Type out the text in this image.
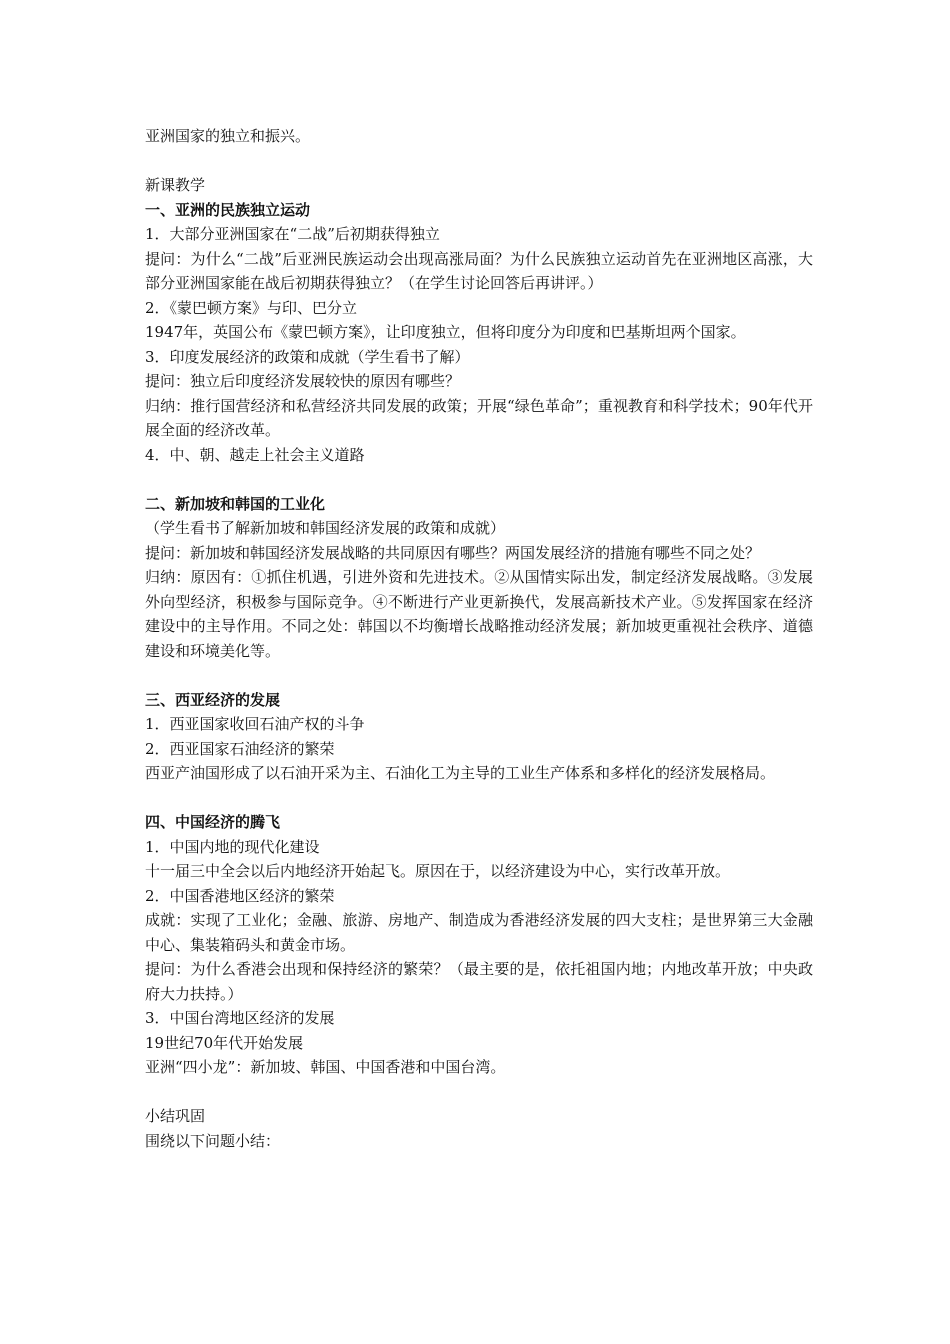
亚洲国家的独立和振兴。
新课教学
一、亚洲的民族独立运动
1．大部分亚洲国家在“二战”后初期获得独立
提问：为什么“二战”后亚洲民族运动会出现高涨局面？为什么民族独立运动首先在亚洲地区高涨，大部分亚洲国家能在战后初期获得独立？（在学生讨论回答后再讲评。）
2．《蒙巴顿方案》与印、巴分立
1947年，英国公布《蒙巴顿方案》，让印度独立，但将印度分为印度和巴基斯坦两个国家。
3．印度发展经济的政策和成就（学生看书了解）
提问：独立后印度经济发展较快的原因有哪些？
归纳：推行国营经济和私营经济共同发展的政策；开展“绿色革命”；重视教育和科学技术；90年代开展全面的经济改革。
4．中、朝、越走上社会主义道路
二、新加坡和韩国的工业化
（学生看书了解新加坡和韩国经济发展的政策和成就）
提问：新加坡和韩国经济发展战略的共同原因有哪些？两国发展经济的措施有哪些不同之处？
归纳：原因有：①抓住机遇，引进外资和先进技术。②从国情实际出发，制定经济发展战略。③发展外向型经济，积极参与国际竞争。④不断进行产业更新换代，发展高新技术产业。⑤发挥国家在经济建设中的主导作用。不同之处：韩国以不均衡增长战略推动经济发展；新加坡更重视社会秩序、道德建设和环境美化等。
三、西亚经济的发展
1．西亚国家收回石油产权的斗争
2．西亚国家石油经济的繁荣
西亚产油国形成了以石油开采为主、石油化工为主导的工业生产体系和多样化的经济发展格局。
四、中国经济的腾飞
1．中国内地的现代化建设
十一届三中全会以后内地经济开始起飞。原因在于，以经济建设为中心，实行改革开放。
2．中国香港地区经济的繁荣
成就：实现了工业化；金融、旅游、房地产、制造成为香港经济发展的四大支柱；是世界第三大金融中心、集装箱码头和黄金市场。
提问：为什么香港会出现和保持经济的繁荣？（最主要的是，依托祖国内地；内地改革开放；中央政府大力扶持。）
3．中国台湾地区经济的发展
19世纪70年代开始发展
亚洲“四小龙”：新加坡、韩国、中国香港和中国台湾。
小结巩固
围绕以下问题小结：
